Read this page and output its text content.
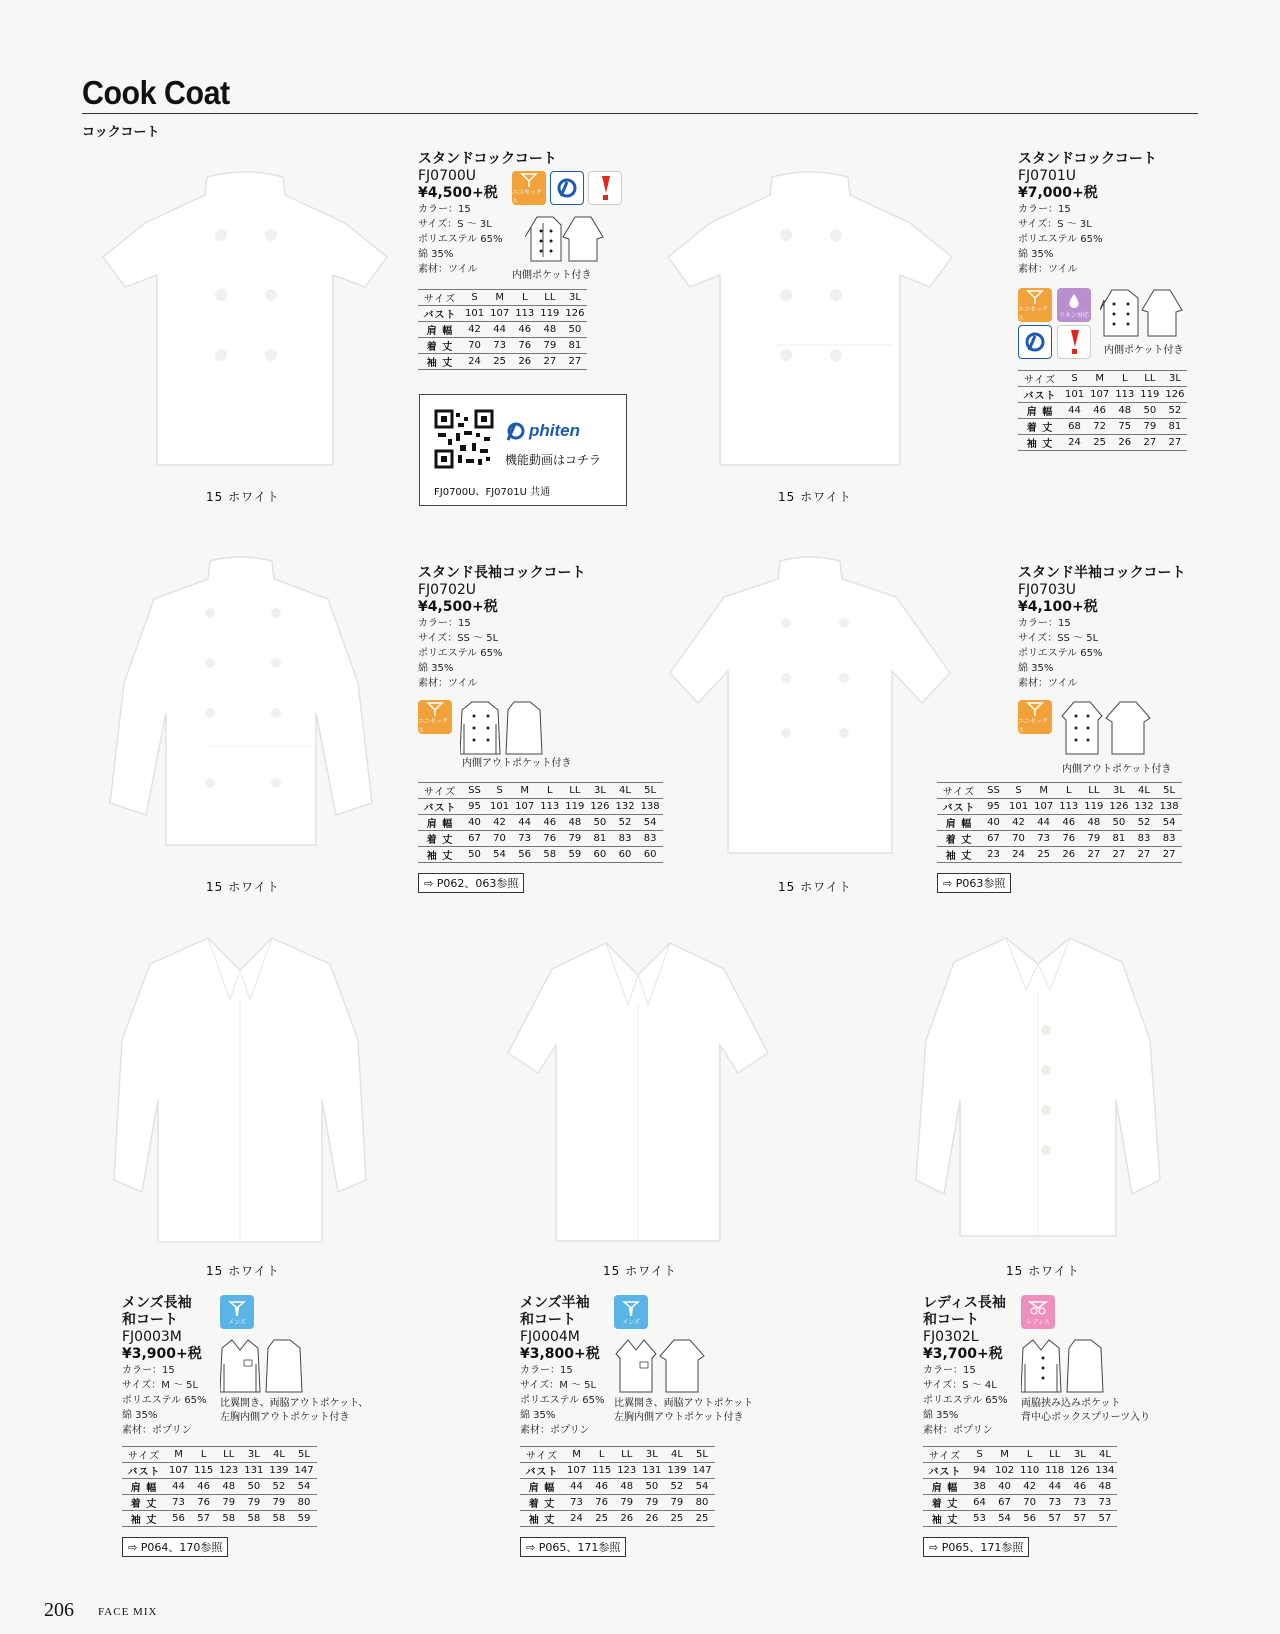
Cook Coat
コックコート
15 ホワイト
スタンドコックコート
FJ0700U
¥4,500+税
カラー：15
サイズ：S ～ 3L
ポリエステル 65%
綿 35%
素材：ツイル
ユニセックス
内側ポケット付き
サイズ	S	M	L	LL	3L
バスト	101	107	113	119	126
肩 幅	42	44	46	48	50
着 丈	70	73	76	79	81
袖 丈	24	25	26	27	27
phiten
機能動画はコチラ
FJ0700U、FJ0701U 共通	15 ホワイト
スタンドコックコート
FJ0701U
¥7,000+税
カラー：15
サイズ：S ～ 3L
ポリエステル 65%
綿 35%
素材：ツイル
ユニセックス	リネン対応
内側ポケット付き
サイズ	S	M	L	LL	3L
バスト	101	107	113	119	126
肩 幅	44	46	48	50	52
着 丈	68	72	75	79	81
袖 丈	24	25	26	27	27
15 ホワイト
スタンド長袖コックコート
FJ0702U
¥4,500+税
カラー：15
サイズ：SS ～ 5L
ポリエステル 65%
綿 35%
素材：ツイル
ユニセックス
内側アウトポケット付き
サイズ	SS	S	M	L	LL	3L	4L	5L
バスト	95	101	107	113	119	126	132	138
肩 幅	40	42	44	46	48	50	52	54
着 丈	67	70	73	76	79	81	83	83
袖 丈	50	54	56	58	59	60	60	60
⇨ P062、063参照	15 ホワイト
スタンド半袖コックコート
FJ0703U
¥4,100+税
カラー：15
サイズ：SS ～ 5L
ポリエステル 65%
綿 35%
素材：ツイル
ユニセックス
内側アウトポケット付き
サイズ	SS	S	M	L	LL	3L	4L	5L
バスト	95	101	107	113	119	126	132	138
肩 幅	40	42	44	46	48	50	52	54
着 丈	67	70	73	76	79	81	83	83
袖 丈	23	24	25	26	27	27	27	27
⇨ P063参照
15 ホワイト	15 ホワイト	15 ホワイト
メンズ長袖
和コート
FJ0003M
¥3,900+税
カラー：15
サイズ：M ～ 5L
ポリエステル 65%
綿 35%
素材：ポプリン
メンズ
比翼開き、両脇アウトポケット、
左胸内側アウトポケット付き
サイズ	M	L	LL	3L	4L	5L
バスト	107	115	123	131	139	147
肩 幅	44	46	48	50	52	54
着 丈	73	76	79	79	79	80
袖 丈	56	57	58	58	58	59
⇨ P064、170参照
メンズ半袖
和コート
FJ0004M
¥3,800+税
カラー：15
サイズ：M ～ 5L
ポリエステル 65%
綿 35%
素材：ポプリン
メンズ
比翼開き、両脇アウトポケット
左胸内側アウトポケット付き
サイズ	M	L	LL	3L	4L	5L
バスト	107	115	123	131	139	147
肩 幅	44	46	48	50	52	54
着 丈	73	76	79	79	79	80
袖 丈	24	25	26	26	25	25
⇨ P065、171参照
レディス長袖
和コート
FJ0302L
¥3,700+税
カラー：15
サイズ：S ～ 4L
ポリエステル 65%
綿 35%
素材：ポプリン
レディス
両脇挟み込みポケット
背中心ボックスプリーツ入り
サイズ	S	M	L	LL	3L	4L
バスト	94	102	110	118	126	134
肩 幅	38	40	42	44	46	48
着 丈	64	67	70	73	73	73
袖 丈	53	54	56	57	57	57
⇨ P065、171参照
206 FACE MIX
